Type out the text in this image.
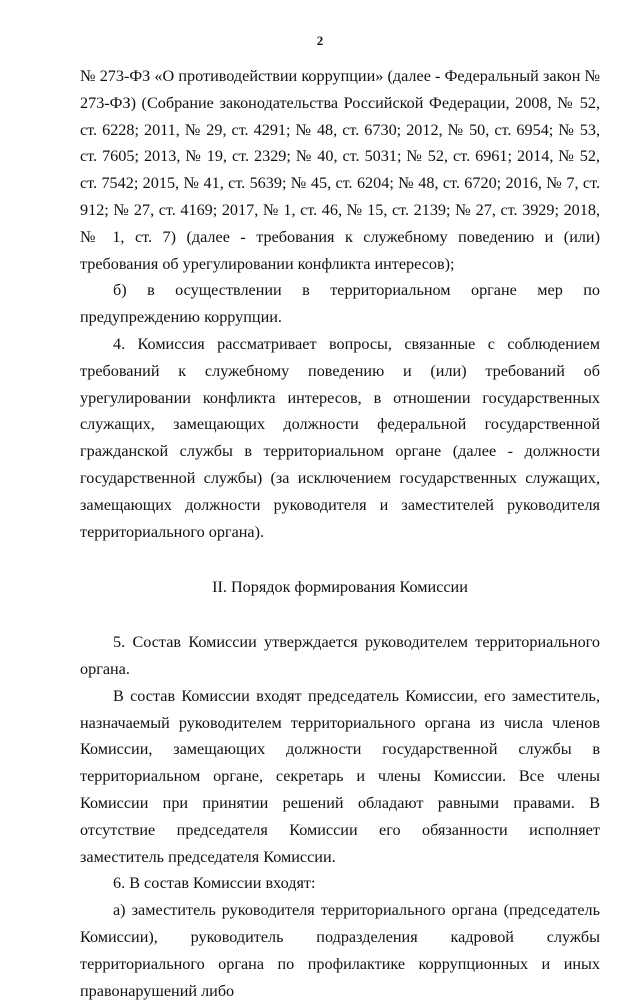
2

№ 273-ФЗ «О противодействии коррупции» (далее - Федеральный закон № 273-ФЗ) (Собрание законодательства Российской Федерации, 2008, № 52, ст. 6228; 2011, № 29, ст. 4291; № 48, ст. 6730; 2012, № 50, ст. 6954; № 53, ст. 7605; 2013, № 19, ст. 2329; № 40, ст. 5031; № 52, ст. 6961; 2014, № 52, ст. 7542; 2015, № 41, ст. 5639; № 45, ст. 6204; № 48, ст. 6720; 2016, № 7, ст. 912; № 27, ст. 4169; 2017, № 1, ст. 46, № 15, ст. 2139; № 27, ст. 3929; 2018, № 1, ст. 7) (далее - требования к служебному поведению и (или) требования об урегулировании конфликта интересов);

б) в осуществлении в территориальном органе мер по предупреждению коррупции.

4. Комиссия рассматривает вопросы, связанные с соблюдением требований к служебному поведению и (или) требований об урегулировании конфликта интересов, в отношении государственных служащих, замещающих должности федеральной государственной гражданской службы в территориальном органе (далее - должности государственной службы) (за исключением государственных служащих, замещающих должности руководителя и заместителей руководителя территориального органа).

II. Порядок формирования Комиссии

5. Состав Комиссии утверждается руководителем территориального органа.

В состав Комиссии входят председатель Комиссии, его заместитель, назначаемый руководителем территориального органа из числа членов Комиссии, замещающих должности государственной службы в территориальном органе, секретарь и члены Комиссии. Все члены Комиссии при принятии решений обладают равными правами. В отсутствие председателя Комиссии его обязанности исполняет заместитель председателя Комиссии.

6. В состав Комиссии входят:

а) заместитель руководителя территориального органа (председатель Комиссии), руководитель подразделения кадровой службы территориального органа по профилактике коррупционных и иных правонарушений либо
